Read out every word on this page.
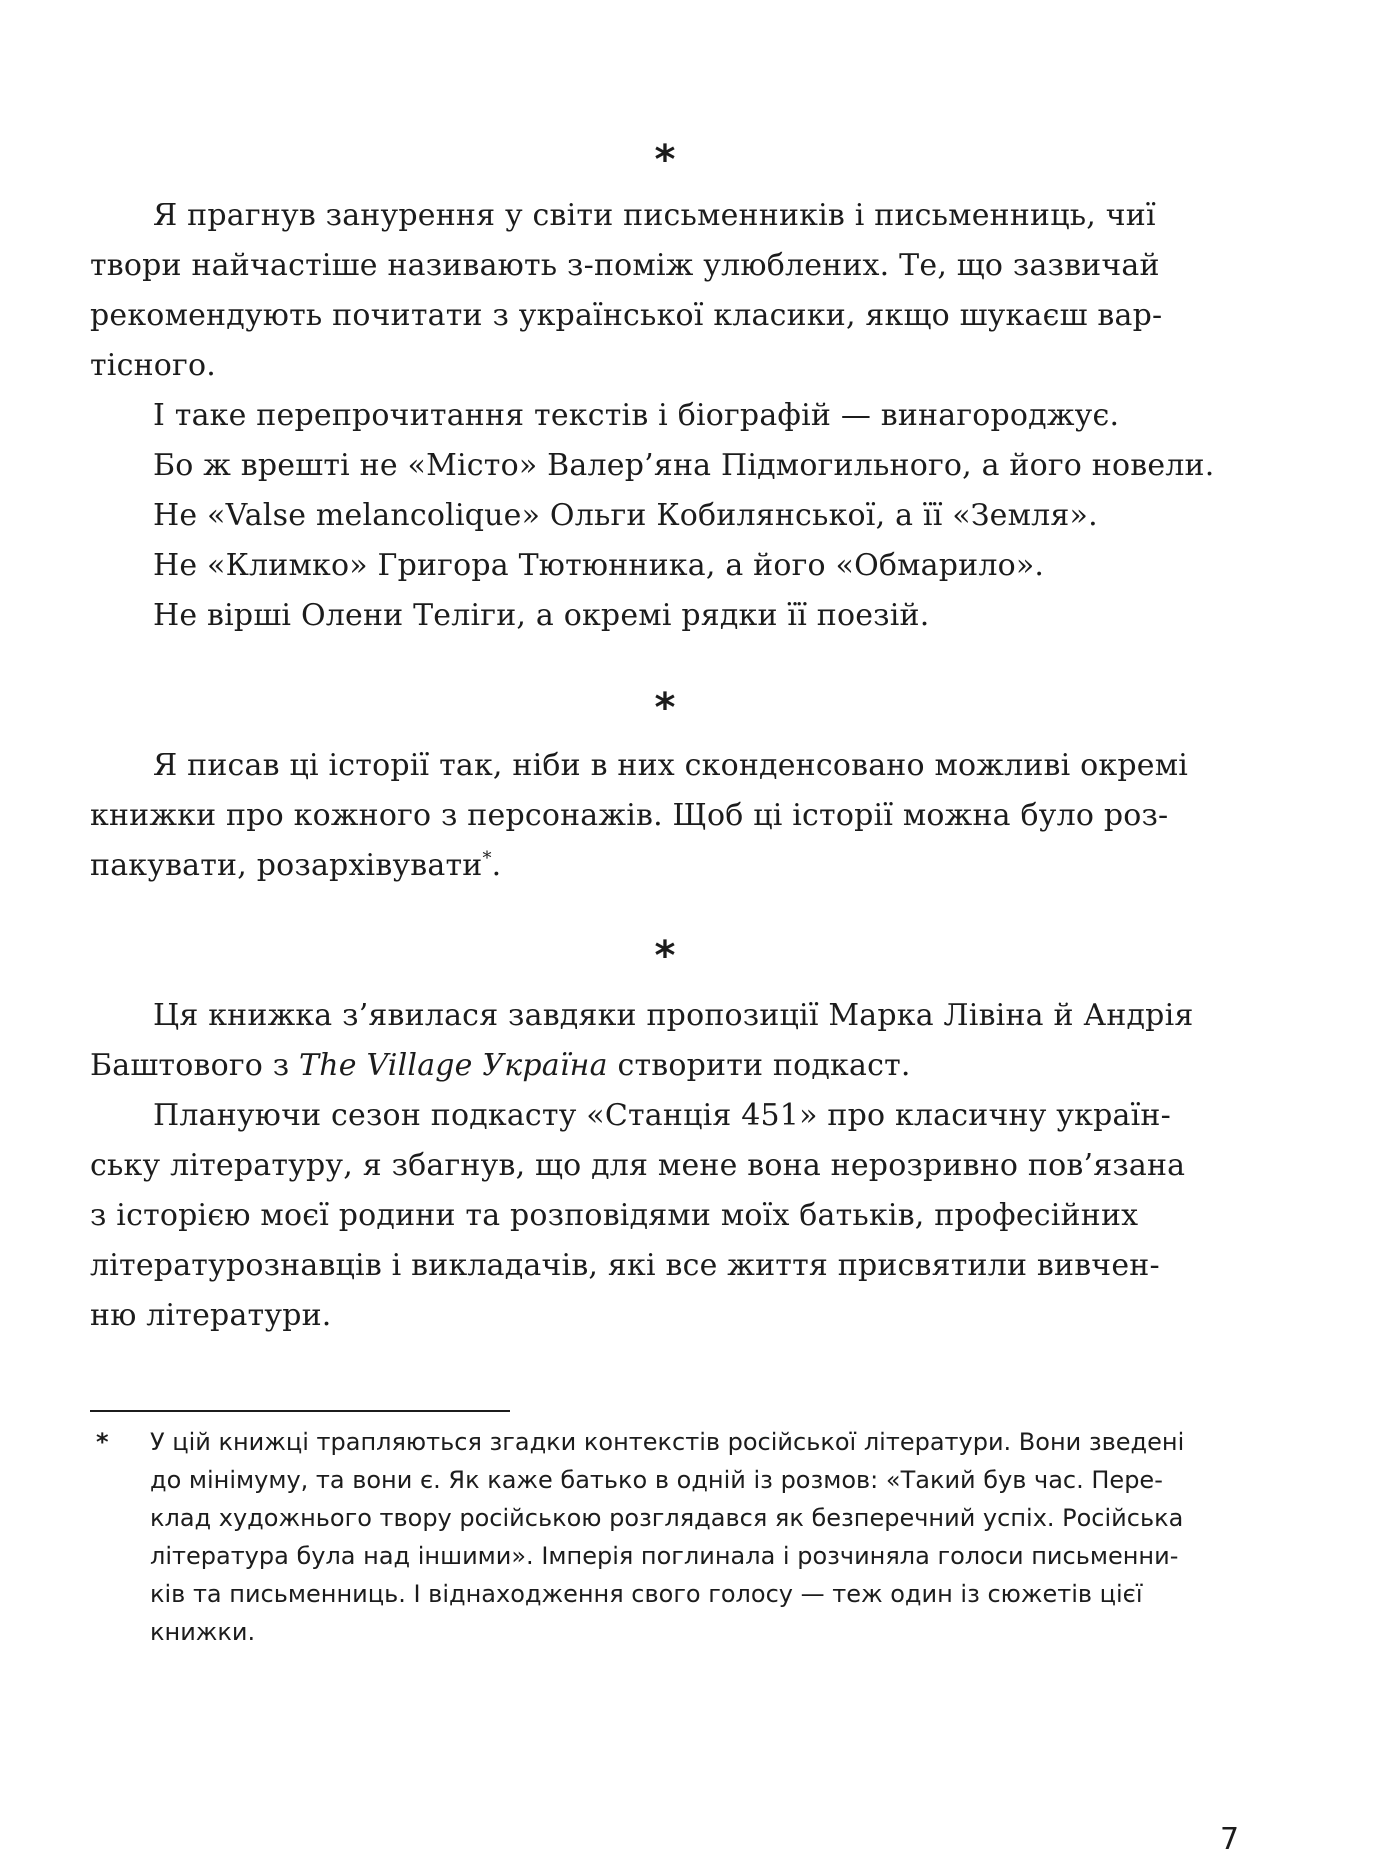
*
Я прагнув занурення у світи письменників і письменниць, чиї
твори найчастіше називають з-поміж улюблених. Те, що зазвичай
рекомендують почитати з української класики, якщо шукаєш вар-
тісного.
І таке перепрочитання текстів і біографій — винагороджує.
Бо ж врешті не «Місто» Валер’яна Підмогильного, а його новели.
Не «Valse melancolique» Ольги Кобилянської, а її «Земля».
Не «Климко» Григора Тютюнника, а його «Обмарило».
Не вірші Олени Теліги, а окремі рядки її поезій.
*
Я писав ці історії так, ніби в них сконденсовано можливі окремі
книжки про кожного з персонажів. Щоб ці історії можна було роз-
пакувати, розархівувати*.
*
Ця книжка з’явилася завдяки пропозиції Марка Лівіна й Андрія
Баштового з The Village Україна створити подкаст.
Плануючи сезон подкасту «Станція 451» про класичну україн-
ську літературу, я збагнув, що для мене вона нерозривно пов’язана
з історією моєї родини та розповідями моїх батьків, професійних
літературознавців і викладачів, які все життя присвятили вивчен-
ню літератури.
* У цій книжці трапляються згадки контекстів російської літератури. Вони зведені
до мінімуму, та вони є. Як каже батько в одній із розмов: «Такий був час. Пере-
клад художнього твору російською розглядався як безперечний успіх. Російська
література була над іншими». Імперія поглинала і розчиняла голоси письменни-
ків та письменниць. І віднаходження свого голосу — теж один із сюжетів цієї
книжки.
7
